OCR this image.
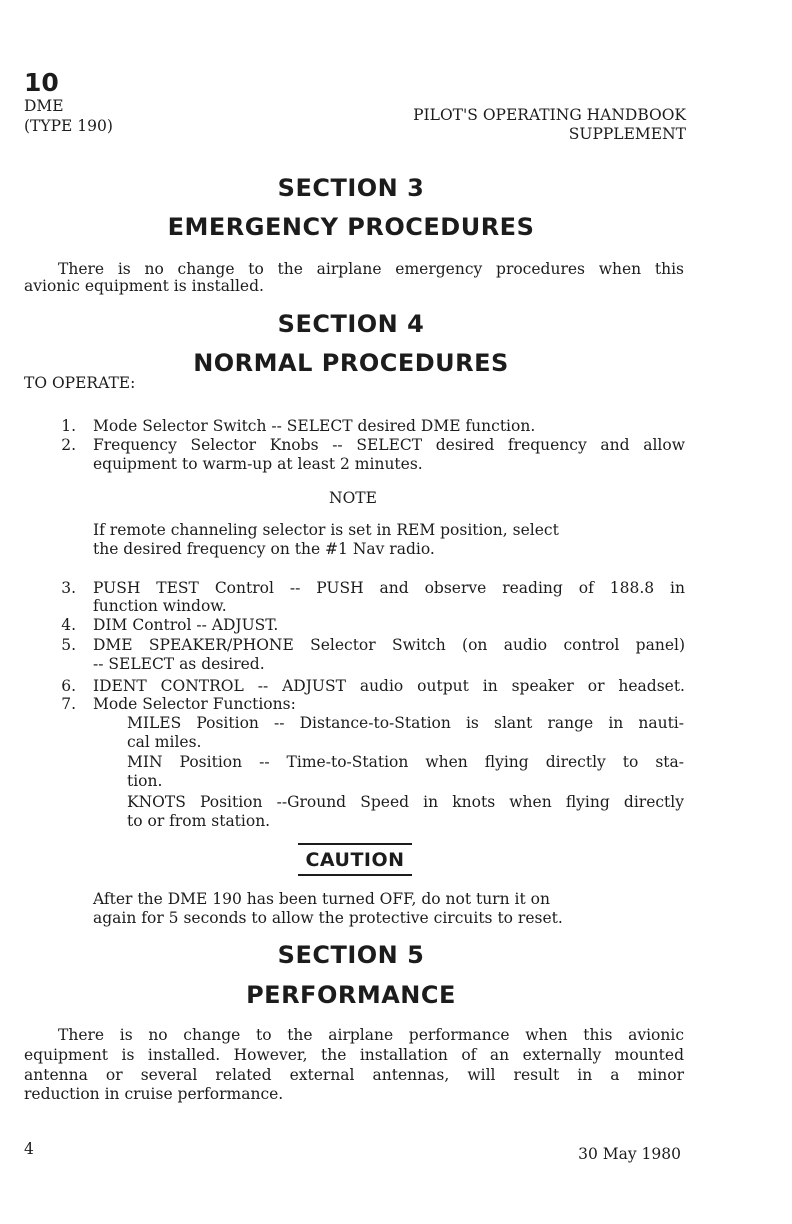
10
DME
(TYPE 190)
PILOT'S OPERATING HANDBOOK
SUPPLEMENT
SECTION 3
EMERGENCY PROCEDURES
There is no change to the airplane emergency procedures when this
avionic equipment is installed.
SECTION 4
NORMAL PROCEDURES
TO OPERATE:
1. Mode Selector Switch -- SELECT desired DME function.
2. Frequency Selector Knobs -- SELECT desired frequency and allow
equipment to warm-up at least 2 minutes.
NOTE
If remote channeling selector is set in REM position, select
the desired frequency on the #1 Nav radio.
3. PUSH TEST Control -- PUSH and observe reading of 188.8 in
function window.
4. DIM Control -- ADJUST.
5. DME SPEAKER/PHONE Selector Switch (on audio control panel)
-- SELECT as desired.
6. IDENT CONTROL -- ADJUST audio output in speaker or headset.
7. Mode Selector Functions:
MILES Position -- Distance-to-Station is slant range in nauti-
cal miles.
MIN Position -- Time-to-Station when flying directly to sta-
tion.
KNOTS Position --Ground Speed in knots when flying directly
to or from station.
CAUTION
After the DME 190 has been turned OFF, do not turn it on
again for 5 seconds to allow the protective circuits to reset.
SECTION 5
PERFORMANCE
There is no change to the airplane performance when this avionic
equipment is installed. However, the installation of an externally mounted
antenna or several related external antennas, will result in a minor
reduction in cruise performance.
4	30 May 1980
